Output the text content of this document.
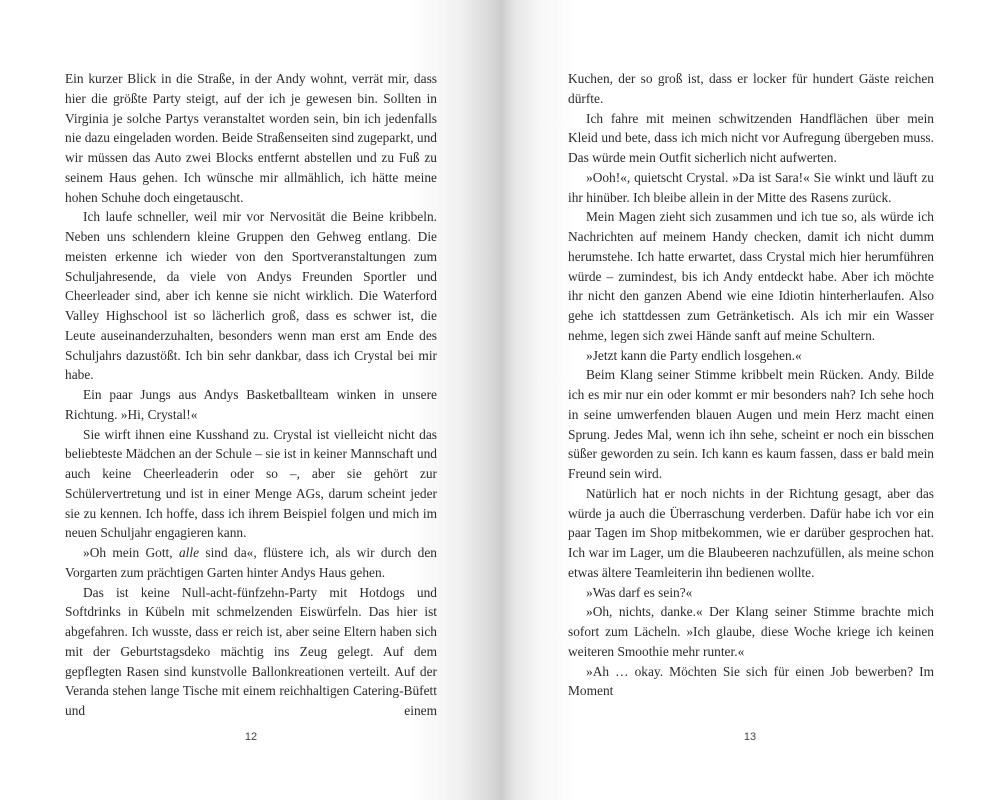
Ein kurzer Blick in die Straße, in der Andy wohnt, verrät mir, dass hier die größte Party steigt, auf der ich je gewesen bin. Sollten in Virginia je solche Partys veranstaltet worden sein, bin ich jedenfalls nie dazu eingeladen worden. Beide Straßenseiten sind zugeparkt, und wir müssen das Auto zwei Blocks entfernt abstellen und zu Fuß zu seinem Haus gehen. Ich wünsche mir allmählich, ich hätte meine hohen Schuhe doch eingetauscht.

Ich laufe schneller, weil mir vor Nervosität die Beine kribbeln. Neben uns schlendern kleine Gruppen den Gehweg entlang. Die meisten erkenne ich wieder von den Sportveranstaltungen zum Schuljahresende, da viele von Andys Freunden Sportler und Cheerleader sind, aber ich kenne sie nicht wirklich. Die Waterford Valley Highschool ist so lächerlich groß, dass es schwer ist, die Leute auseinanderzuhalten, besonders wenn man erst am Ende des Schuljahrs dazustößt. Ich bin sehr dankbar, dass ich Crystal bei mir habe.

Ein paar Jungs aus Andys Basketballteam winken in unsere Richtung. »Hi, Crystal!«

Sie wirft ihnen eine Kusshand zu. Crystal ist vielleicht nicht das beliebteste Mädchen an der Schule – sie ist in keiner Mannschaft und auch keine Cheerleaderin oder so –, aber sie gehört zur Schülervertretung und ist in einer Menge AGs, darum scheint jeder sie zu kennen. Ich hoffe, dass ich ihrem Beispiel folgen und mich im neuen Schuljahr engagieren kann.

»Oh mein Gott, alle sind da«, flüstere ich, als wir durch den Vorgarten zum prächtigen Garten hinter Andys Haus gehen.

Das ist keine Null-acht-fünfzehn-Party mit Hotdogs und Softdrinks in Kübeln mit schmelzenden Eiswürfeln. Das hier ist abgefahren. Ich wusste, dass er reich ist, aber seine Eltern haben sich mit der Geburtstagsdeko mächtig ins Zeug gelegt. Auf dem gepflegten Rasen sind kunstvolle Ballonkreationen verteilt. Auf der Veranda stehen lange Tische mit einem reichhaltigen Catering-Büfett und einem

12

Kuchen, der so groß ist, dass er locker für hundert Gäste reichen dürfte.

Ich fahre mit meinen schwitzenden Handflächen über mein Kleid und bete, dass ich mich nicht vor Aufregung übergeben muss. Das würde mein Outfit sicherlich nicht aufwerten.

»Ooh!«, quietscht Crystal. »Da ist Sara!« Sie winkt und läuft zu ihr hinüber. Ich bleibe allein in der Mitte des Rasens zurück.

Mein Magen zieht sich zusammen und ich tue so, als würde ich Nachrichten auf meinem Handy checken, damit ich nicht dumm herumstehe. Ich hatte erwartet, dass Crystal mich hier herumführen würde – zumindest, bis ich Andy entdeckt habe. Aber ich möchte ihr nicht den ganzen Abend wie eine Idiotin hinterherlaufen. Also gehe ich stattdessen zum Getränketisch. Als ich mir ein Wasser nehme, legen sich zwei Hände sanft auf meine Schultern.

»Jetzt kann die Party endlich losgehen.«

Beim Klang seiner Stimme kribbelt mein Rücken. Andy. Bilde ich es mir nur ein oder kommt er mir besonders nah? Ich sehe hoch in seine umwerfenden blauen Augen und mein Herz macht einen Sprung. Jedes Mal, wenn ich ihn sehe, scheint er noch ein bisschen süßer geworden zu sein. Ich kann es kaum fassen, dass er bald mein Freund sein wird.

Natürlich hat er noch nichts in der Richtung gesagt, aber das würde ja auch die Überraschung verderben. Dafür habe ich vor ein paar Tagen im Shop mitbekommen, wie er darüber gesprochen hat. Ich war im Lager, um die Blaubeeren nachzufüllen, als meine schon etwas ältere Teamleiterin ihn bedienen wollte.

»Was darf es sein?«

»Oh, nichts, danke.« Der Klang seiner Stimme brachte mich sofort zum Lächeln. »Ich glaube, diese Woche kriege ich keinen weiteren Smoothie mehr runter.«

»Ah … okay. Möchten Sie sich für einen Job bewerben? Im Moment

13
